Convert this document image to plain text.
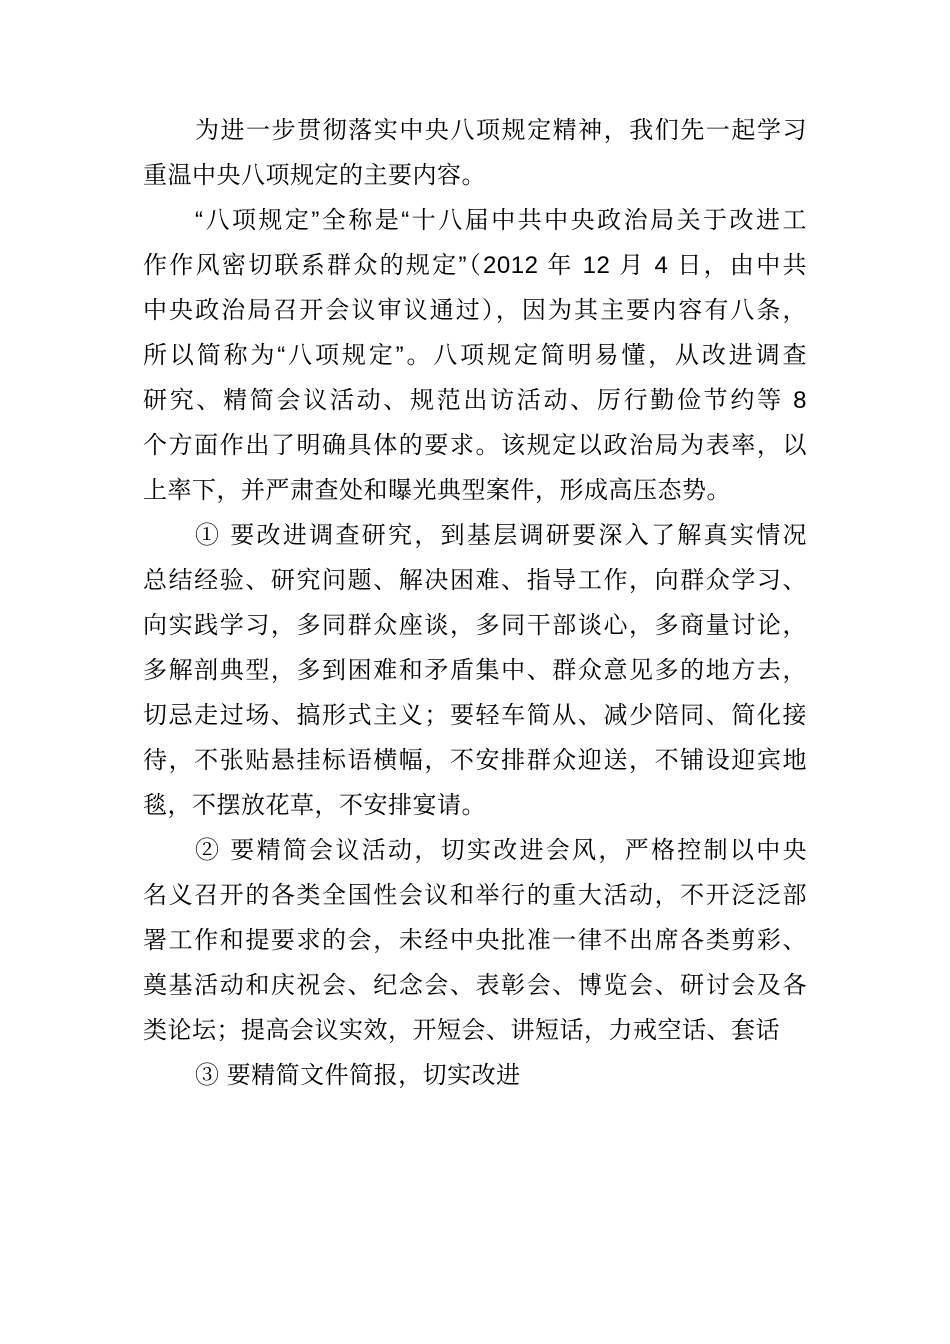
为进一步贯彻落实中央八项规定精神，我们先一起学习
重温中央八项规定的主要内容。
“八项规定”全称是“十八届中共中央政治局关于改进工
作作风密切联系群众的规定”（2012 年 12 月 4 日，由中共
中央政治局召开会议审议通过），因为其主要内容有八条，
所以简称为“八项规定”。八项规定简明易懂，从改进调查
研究、精简会议活动、规范出访活动、厉行勤俭节约等 8
个方面作出了明确具体的要求。该规定以政治局为表率，以
上率下，并严肃查处和曝光典型案件，形成高压态势。
① 要改进调查研究，到基层调研要深入了解真实情况
总结经验、研究问题、解决困难、指导工作，向群众学习、
向实践学习，多同群众座谈，多同干部谈心，多商量讨论，
多解剖典型，多到困难和矛盾集中、群众意见多的地方去，
切忌走过场、搞形式主义；要轻车简从、减少陪同、简化接
待，不张贴悬挂标语横幅，不安排群众迎送，不铺设迎宾地
毯，不摆放花草，不安排宴请。
② 要精简会议活动，切实改进会风，严格控制以中央
名义召开的各类全国性会议和举行的重大活动，不开泛泛部
署工作和提要求的会，未经中央批准一律不出席各类剪彩、
奠基活动和庆祝会、纪念会、表彰会、博览会、研讨会及各
类论坛；提高会议实效，开短会、讲短话，力戒空话、套话
③ 要精简文件简报，切实改进
